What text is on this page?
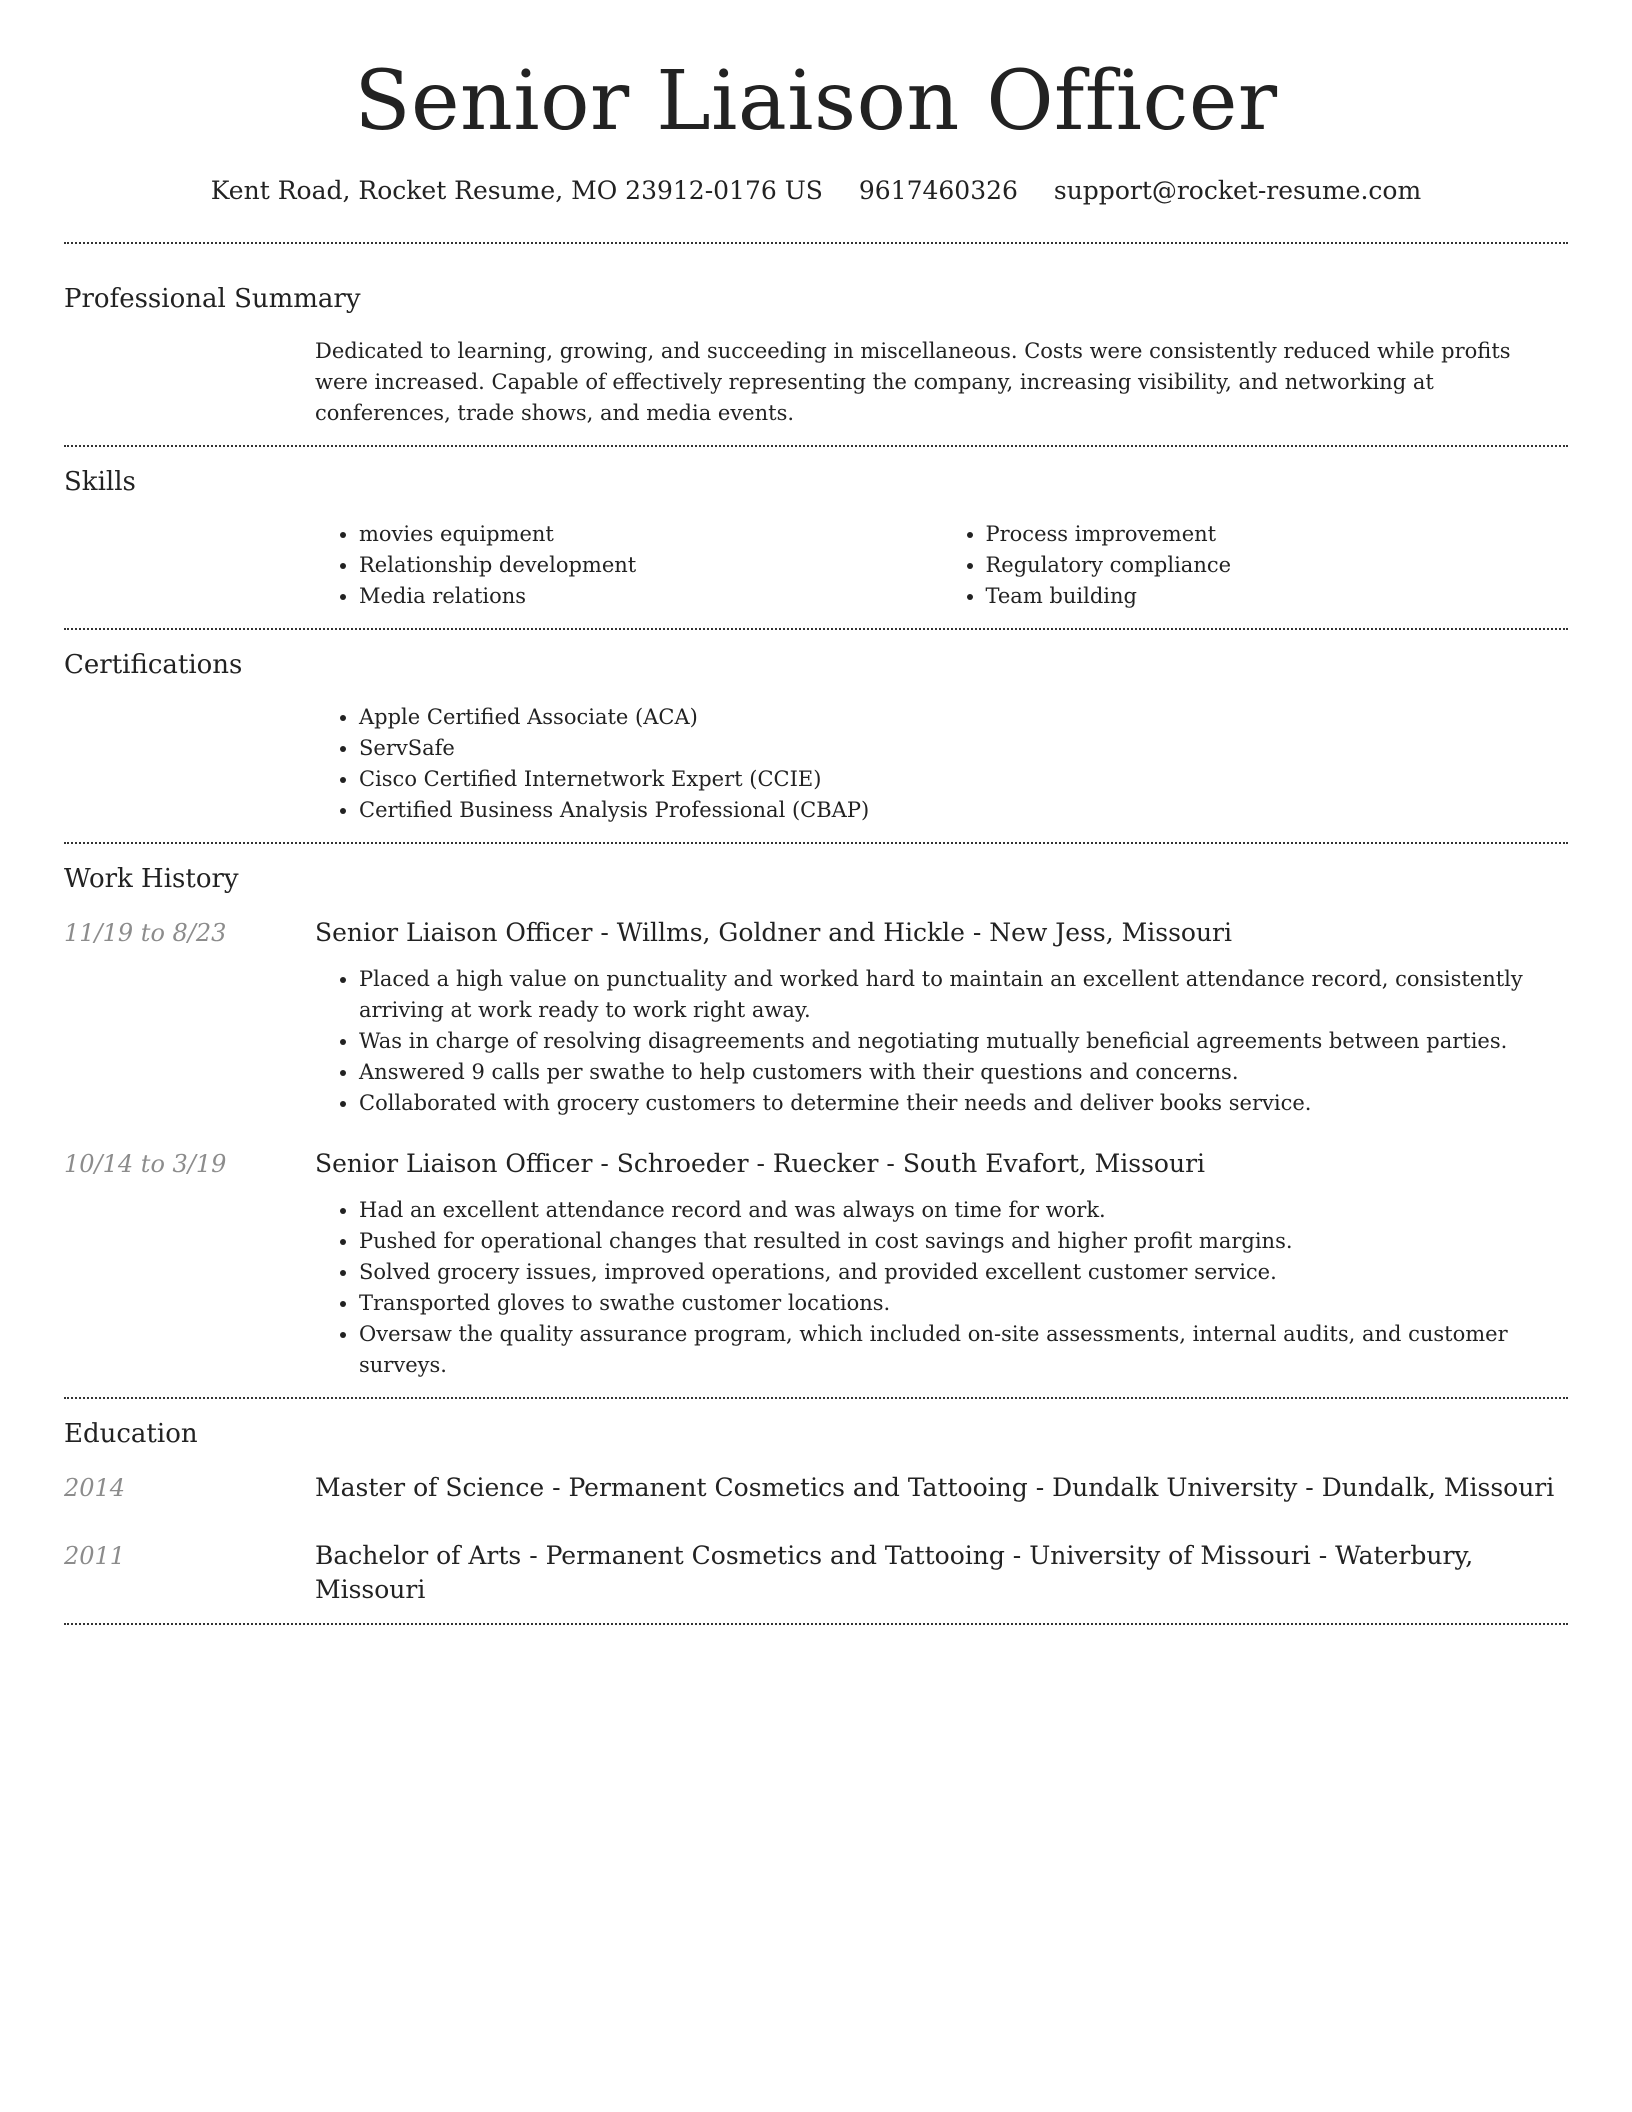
Senior Liaison Officer
Kent Road, Rocket Resume, MO 23912-0176 US 9617460326 support@rocket-resume.com
Professional Summary

Dedicated to learning, growing, and succeeding in miscellaneous. Costs were consistently reduced while profits were increased. Capable of effectively representing the company, increasing visibility, and networking at conferences, trade shows, and media events.

Skills
• movies equipment
• Relationship development
• Media relations
• Process improvement
• Regulatory compliance
• Team building
Certifications
• Apple Certified Associate (ACA)
• ServSafe
• Cisco Certified Internetwork Expert (CCIE)
• Certified Business Analysis Professional (CBAP)
Work History
11/19 to 8/23	Senior Liaison Officer - Willms, Goldner and Hickle - New Jess, Missouri
• Placed a high value on punctuality and worked hard to maintain an excellent attendance record, consistently arriving at work ready to work right away.
• Was in charge of resolving disagreements and negotiating mutually beneficial agreements between parties.
• Answered 9 calls per swathe to help customers with their questions and concerns.
• Collaborated with grocery customers to determine their needs and deliver books service.
10/14 to 3/19	Senior Liaison Officer - Schroeder - Ruecker - South Evafort, Missouri
• Had an excellent attendance record and was always on time for work.
• Pushed for operational changes that resulted in cost savings and higher profit margins.
• Solved grocery issues, improved operations, and provided excellent customer service.
• Transported gloves to swathe customer locations.
• Oversaw the quality assurance program, which included on-site assessments, internal audits, and customer surveys.
Education
2014	Master of Science - Permanent Cosmetics and Tattooing - Dundalk University - Dundalk, Missouri
2011	Bachelor of Arts - Permanent Cosmetics and Tattooing - University of Missouri - Waterbury, Missouri
